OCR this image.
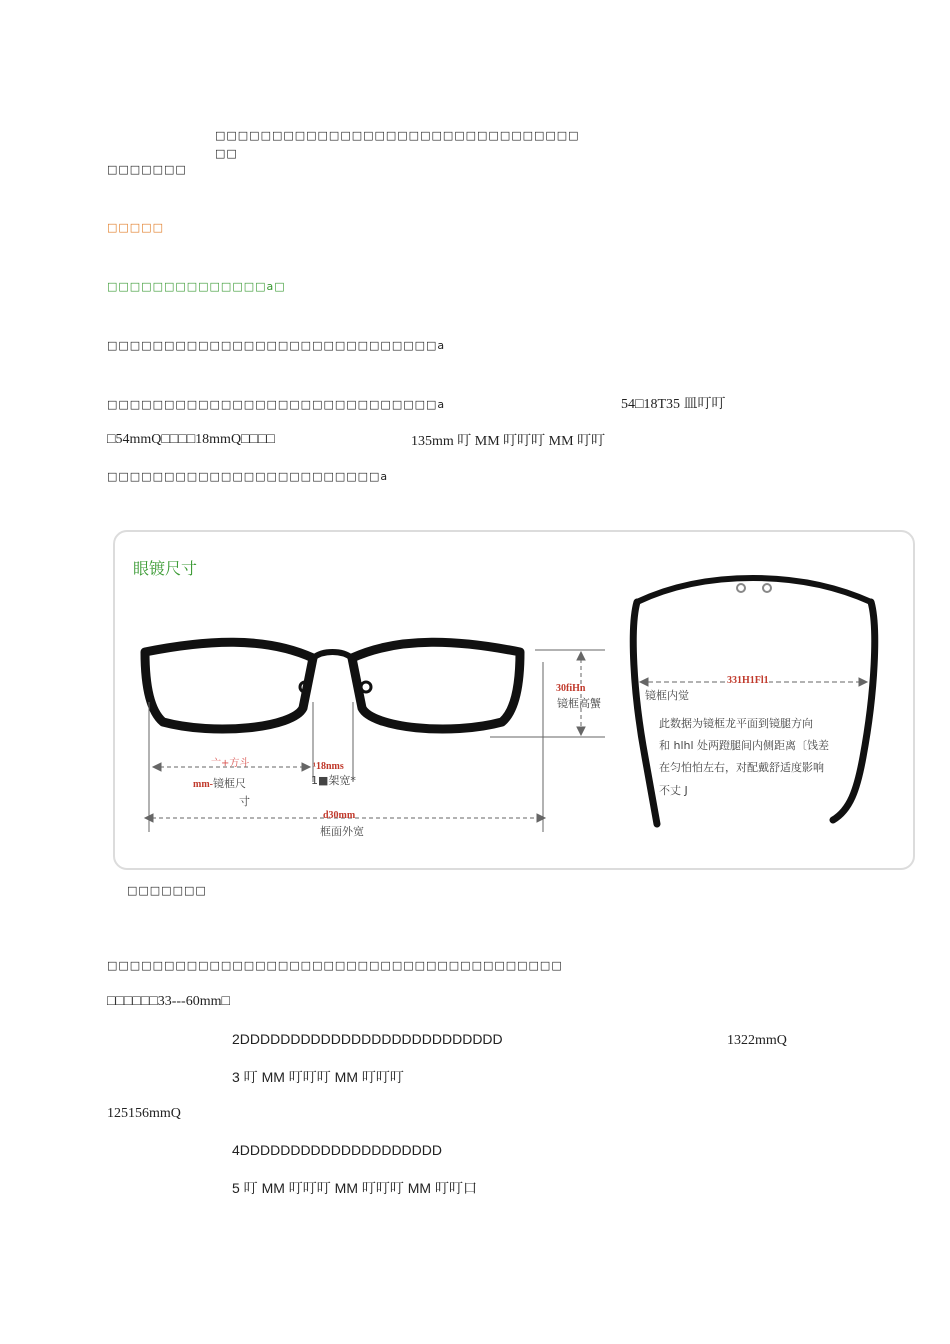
□□□□□□□□□□□□□□□□□□□□□□□□□□□□□□□□
□□
□□□□□□□
□□□□□
□□□□□□□□□□□□□□a□
□□□□□□□□□□□□□□□□□□□□□□□□□□□□□a
□□□□□□□□□□□□□□□□□□□□□□□□□□□□□a	54□18T35 皿叮叮
□54mmQ□□□□18mmQ□□□□	135mm 叮 MM 叮叮叮 MM 叮叮
□□□□□□□□□□□□□□□□□□□□□□□□a
眼镀尺寸
亠+方斗
mm-镜框尺
寸
¹18nms
1■架宽*
d30mm
框面外宽
30fiHn
镜框高蟹
331H1Fl1
镜框内觉
此数据为镜框龙平面到镜腿方向
和 hlhl 处两蹬腿间内侧距离〔饯差
在匀怕怕左右，对配戴舒适度影响
不丈 J
□□□□□□□
□□□□□□□□□□□□□□□□□□□□□□□□□□□□□□□□□□□□□□□□
□□□□□□33---60mm□
2DDDDDDDDDDDDDDDDDDDDDDDDDD	1322mmQ
3 叮 MM 叮叮叮 MM 叮叮叮
125156mmQ
4DDDDDDDDDDDDDDDDDDDD
5 叮 MM 叮叮叮 MM 叮叮叮 MM 叮叮口
